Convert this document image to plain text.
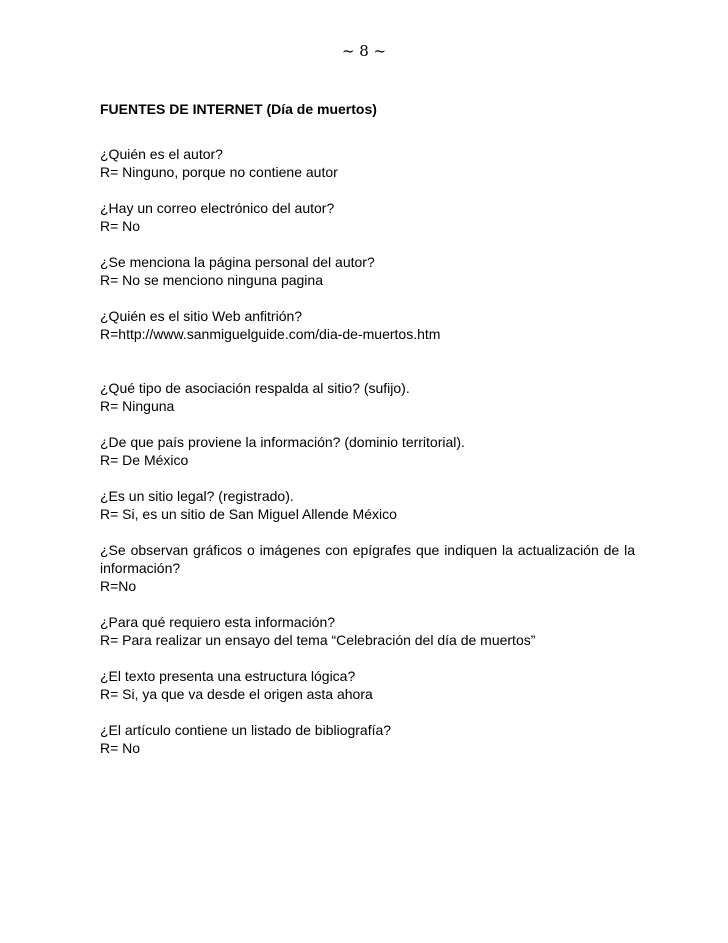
~ 8 ~
FUENTES DE INTERNET (Día de muertos)

¿Quién es el autor?

R= Ninguno, porque no contiene autor

¿Hay un correo electrónico del autor?

R= No

¿Se menciona la página personal del autor?

R= No se menciono ninguna pagina

¿Quién es el sitio Web anfitrión?

R=http://www.sanmiguelguide.com/dia-de-muertos.htm

¿Qué tipo de asociación respalda al sitio? (sufijo).

R= Ninguna

¿De que país proviene la información? (dominio territorial).

R= De México

¿Es un sitio legal? (registrado).

R= Si, es un sitio de San Miguel Allende México

¿Se observan gráficos o imágenes con epígrafes que indiquen la actualización de la información?

R=No

¿Para qué requiero esta información?

R= Para realizar un ensayo del tema “Celebración del día de muertos”

¿El texto presenta una estructura lógica?

R= Si, ya que va desde el origen asta ahora

¿El artículo contiene un listado de bibliografía?

R= No
